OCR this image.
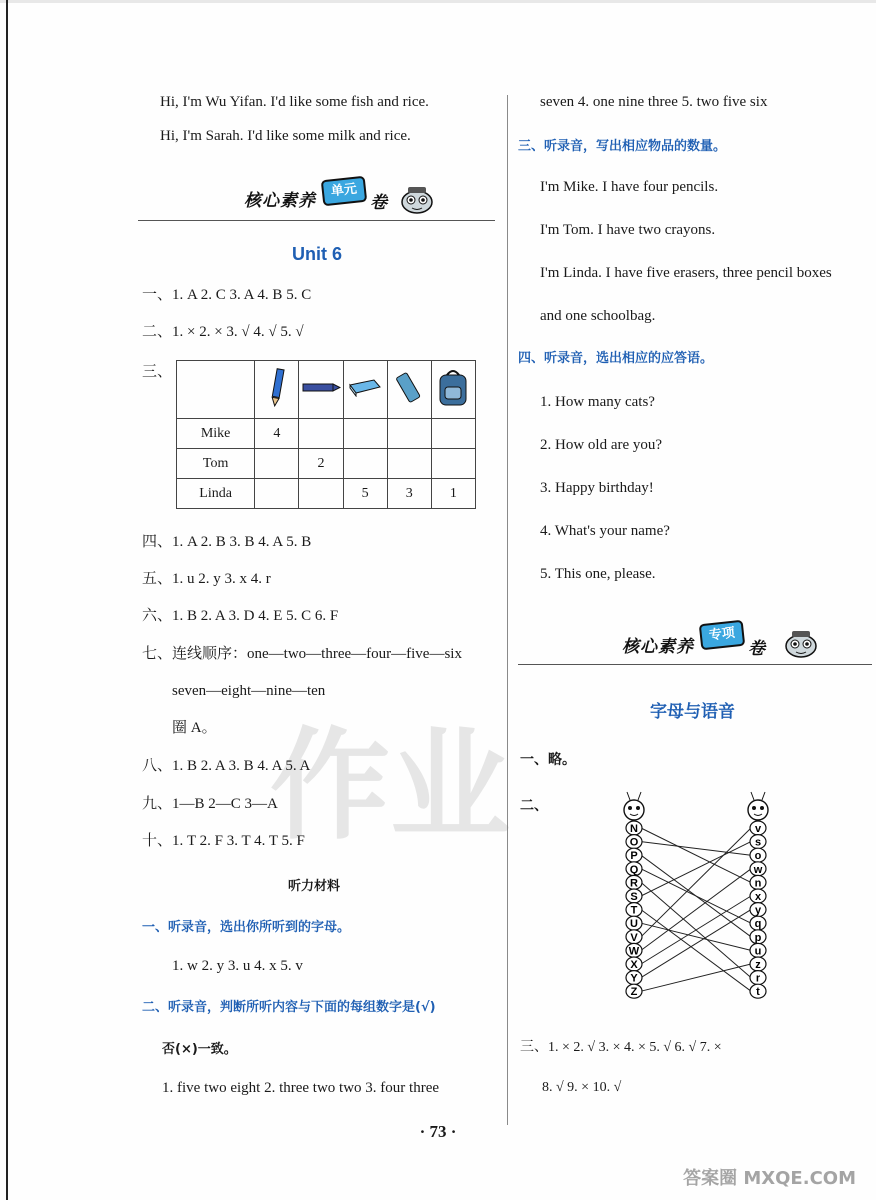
作业
Hi, I'm Wu Yifan. I'd like some fish and rice.
Hi, I'm Sarah. I'd like some milk and rice.
核心素养
单元
卷
Unit 6
一、1. A 2. C 3. A 4. B 5. C
二、1. × 2. × 3. √ 4. √ 5. √
三、

Mike	4				
Tom		2			
Linda			5	3	1
四、1. A 2. B 3. B 4. A 5. B
五、1. u 2. y 3. x 4. r
六、1. B 2. A 3. D 4. E 5. C 6. F
七、连线顺序：one—two—three—four—five—six
seven—eight—nine—ten
圈 A。
八、1. B 2. A 3. B 4. A 5. A
九、1—B 2—C 3—A
十、1. T 2. F 3. T 4. T 5. F
听力材料
一、听录音，选出你所听到的字母。
1. w 2. y 3. u 4. x 5. v
二、听录音，判断所听内容与下面的每组数字是(√)
否(×)一致。
1. five two eight 2. three two two 3. four three
seven 4. one nine three 5. two five six
三、听录音，写出相应物品的数量。
I'm Mike. I have four pencils.
I'm Tom. I have two crayons.
I'm Linda. I have five erasers, three pencil boxes
and one schoolbag.
四、听录音，选出相应的应答语。
1. How many cats?
2. How old are you?
3. Happy birthday!
4. What's your name?
5. This one, please.
核心素养
专项
卷
字母与语音
一、略。
二、
N
O
P
Q
R
S
T
U
V
W
X
Y
Z
v
s
o
w
n
x
y
q
p
u
z
r
t
三、1. × 2. √ 3. × 4. × 5. √ 6. √ 7. ×
8. √ 9. × 10. √
· 73 ·
答案圈 MXQE.COM
